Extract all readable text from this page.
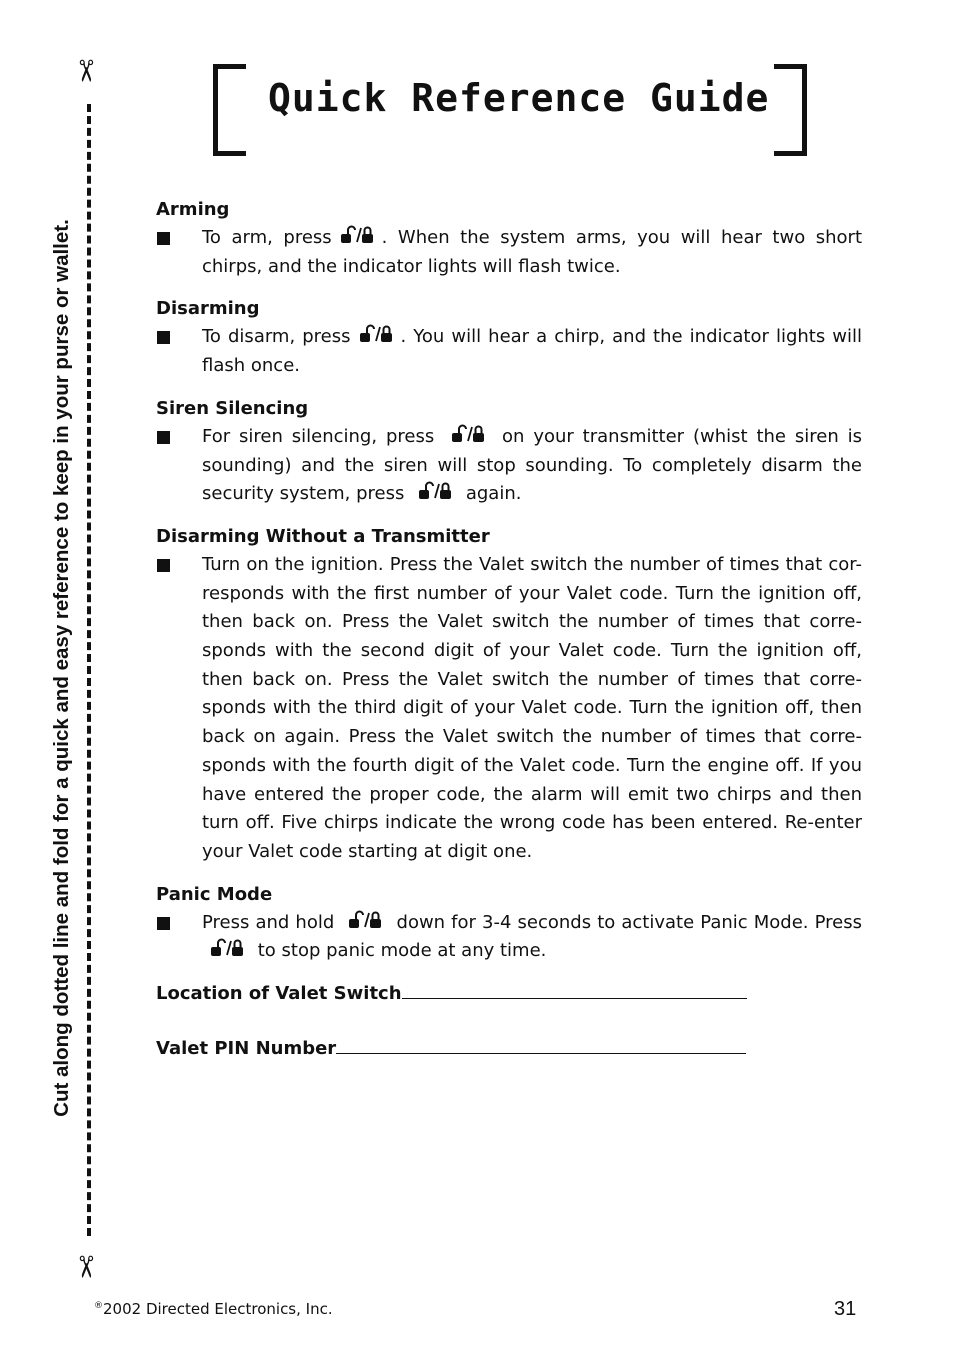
✂
✂
Cut along dotted line and fold for a quick and easy reference to keep in your purse or wallet.
Quick Reference Guide
Arming
To arm, press	. When the system arms, you will hear two short chirps, and the indicator lights will flash twice.
Disarming
To disarm, press	. You will hear a chirp, and the indicator lights will flash once.
Siren Silencing
For siren silencing, press	on your transmitter (whist the siren is sounding) and the siren will stop sounding. To completely disarm the security system, press	again.
Disarming Without a Transmitter
Turn on the ignition. Press the Valet switch the number of times that cor-responds with the first number of your Valet code. Turn the ignition off, then back on. Press the Valet switch the number of times that corre-sponds with the second digit of your Valet code. Turn the ignition off, then back on. Press the Valet switch the number of times that corre-sponds with the third digit of your Valet code. Turn the ignition off, then back on again. Press the Valet switch the number of times that corre-sponds with the fourth digit of the Valet code. Turn the engine off. If you have entered the proper code, the alarm will emit two chirps and then turn off. Five chirps indicate the wrong code has been entered. Re-enter your Valet code starting at digit one.
Panic Mode
Press and hold	down for 3-4 seconds to activate Panic Mode. Press
to stop panic mode at any time.
Location of Valet Switch
Valet PIN Number
®2002 Directed Electronics, Inc.	31
